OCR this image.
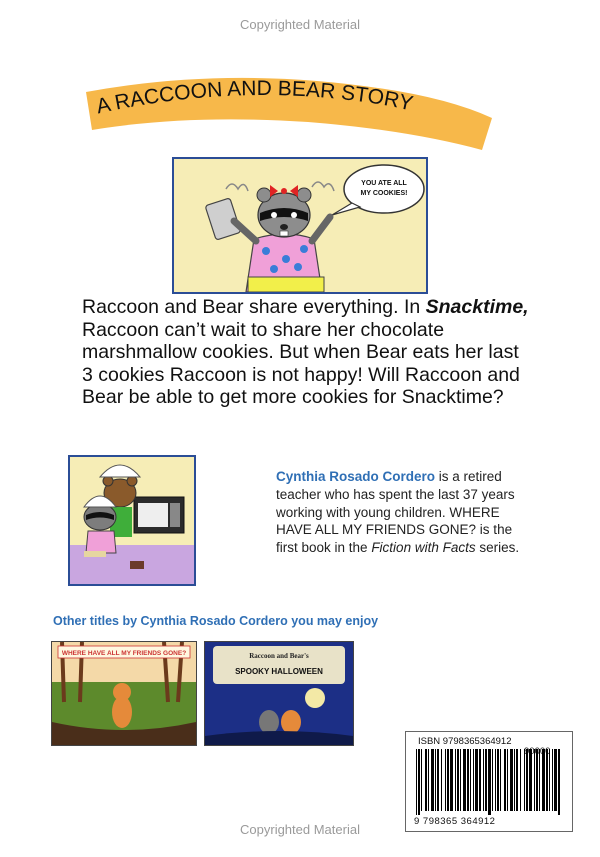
Copyrighted Material
A RACCOON AND BEAR STORY
YOU ATE ALL
MY COOKIES!

Raccoon and Bear share everything. In Snacktime, Raccoon can’t wait to share her chocolate marshmallow cookies. But when Bear eats her last 3 cookies Raccoon is not happy! Will Raccoon and Bear be able to get more cookies for Snacktime?

Cynthia Rosado Cordero is a retired teacher who has spent the last 37 years working with young children. WHERE HAVE ALL MY FRIENDS GONE? is the first book in the Fiction with Facts series.

Other titles by Cynthia Rosado Cordero you may enjoy
WHERE HAVE ALL MY FRIENDS GONE?	Raccoon and Bear's
SPOOKY HALLOWEEN
ISBN 9798365364912
9 798365 364912
Copyrighted Material
